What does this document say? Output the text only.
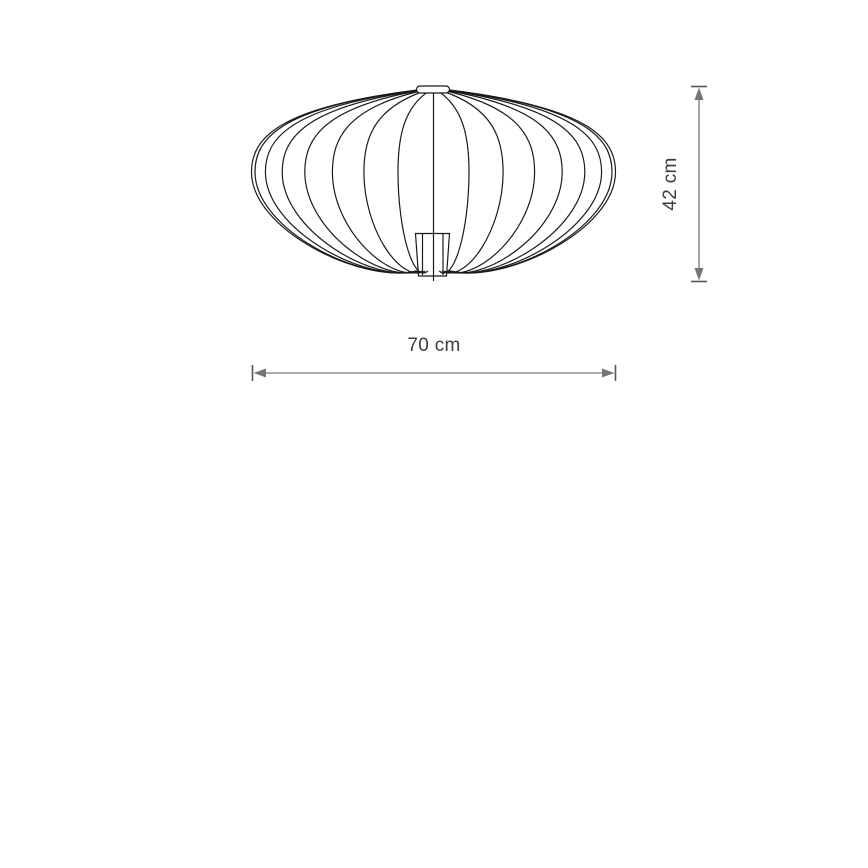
70 cm
42 cm
